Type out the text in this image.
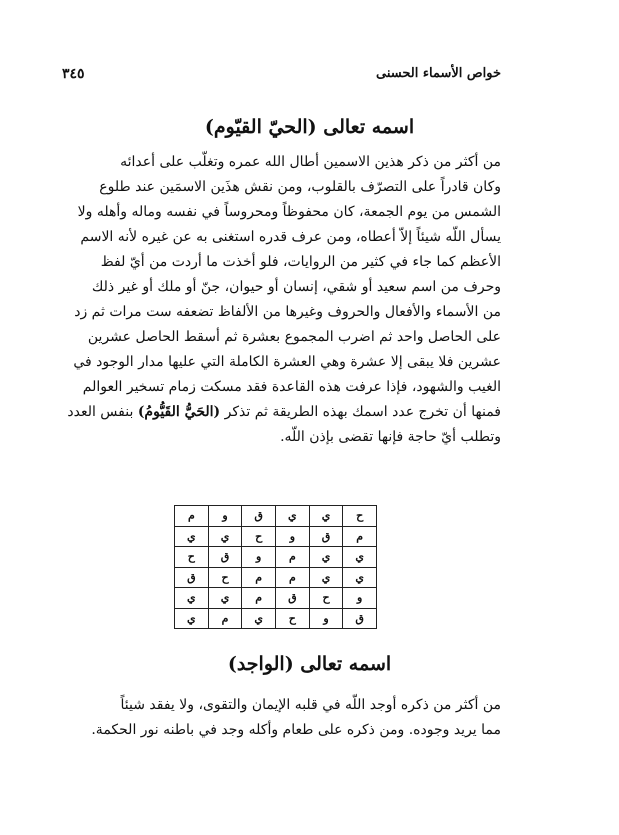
خواص الأسماء الحسنى
٣٤٥
اسمه تعالى (الحيّ القيّوم)
من أكثر من ذكر هذين الاسمين أطال الله عمره وتغلّب على أعدائه
وكان قادراً على التصرّف بالقلوب، ومن نقش هذَين الاسمَين عند طلوع
الشمس من يوم الجمعة، كان محفوظاً ومحروساً في نفسه وماله وأهله ولا
يسأل اللّه شيئاً إلاّ أعطاه، ومن عرف قدره استغنى به عن غيره لأنه الاسم
الأعظم كما جاء في كثير من الروايات، فلو أخذت ما أردت من أيّ لفظ
وحرف من اسم سعيد أو شقي، إنسان أو حيوان، جنّ أو ملك أو غير ذلك
من الأسماء والأفعال والحروف وغيرها من الألفاظ تضعفه ست مرات ثم زد
على الحاصل واحد ثم اضرب المجموع بعشرة ثم أسقط الحاصل عشرين
عشرين فلا يبقى إلا عشرة وهي العشرة الكاملة التي عليها مدار الوجود في
الغيب والشهود، فإذا عرفت هذه القاعدة فقد مسكت زمام تسخير العوالم
فمنها أن تخرج عدد اسمك بهذه الطريقة ثم تذكر (الحَيُّ القَيُّومُ) بنفس العدد
وتطلب أيّ حاجة فإنها تقضى بإذن اللّه.
ح	ي	ي	ق	و	م
م	ق	و	ح	ي	ي
ي	ي	م	و	ق	ح
ي	ي	م	م	ح	ق
و	ح	ق	م	ي	ي
ق	و	ح	ي	م	ي
اسمه تعالى (الواجد)
من أكثر من ذكره أوجد اللّه في قلبه الإيمان والتقوى، ولا يفقد شيئاً
مما يريد وجوده. ومن ذكره على طعام وأكله وجد في باطنه نور الحكمة.
